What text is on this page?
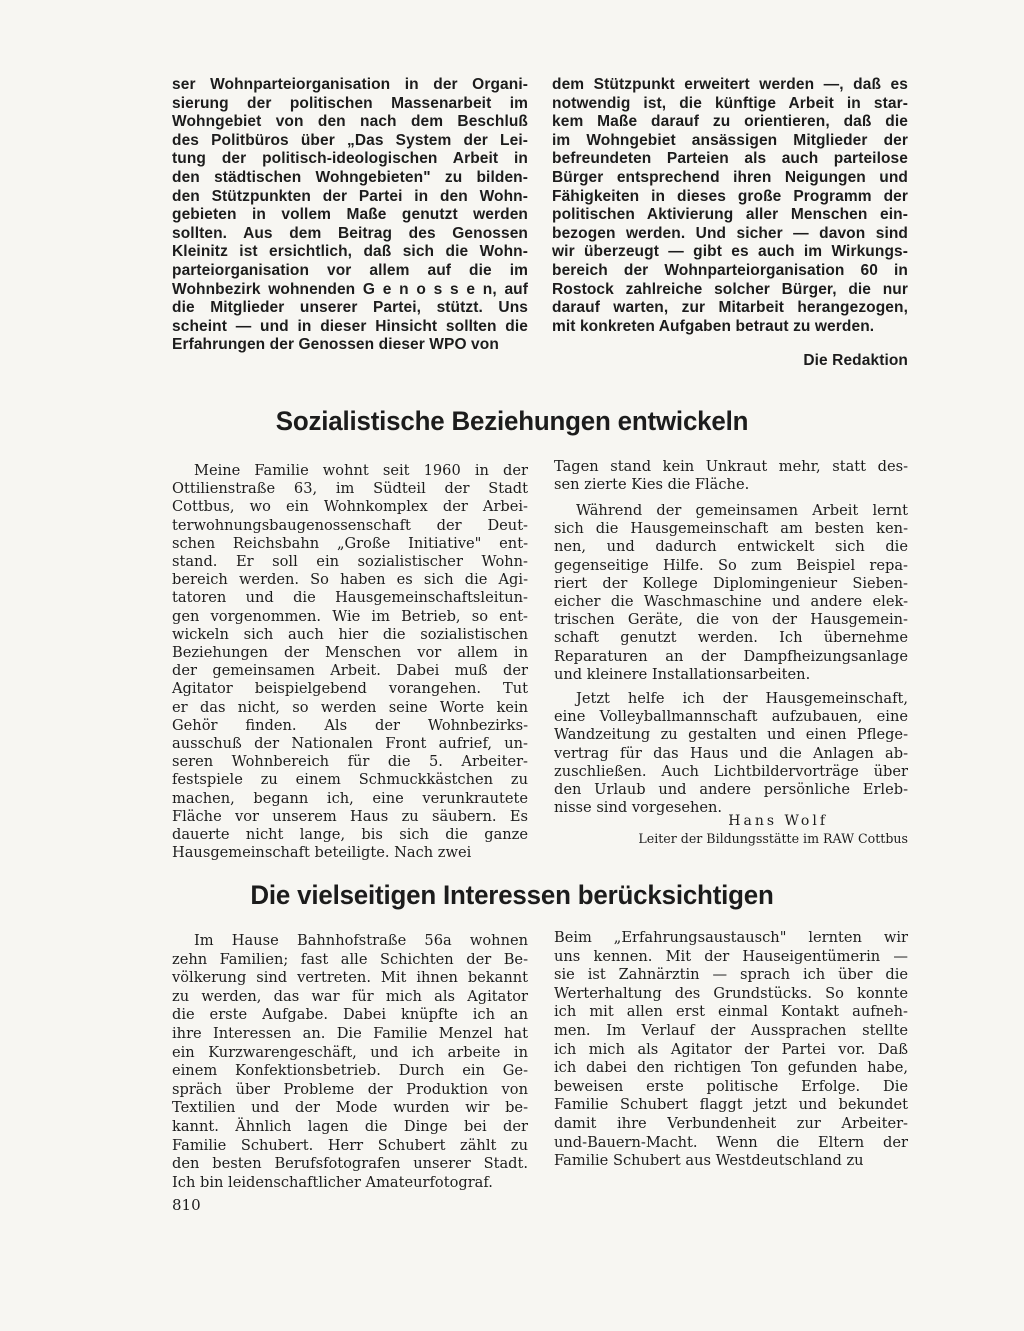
ser Wohnparteiorganisation in der Organi-
sierung der politischen Massenarbeit im
Wohngebiet von den nach dem Beschluß
des Politbüros über „Das System der Lei-
tung der politisch-ideologischen Arbeit in
den städtischen Wohngebieten" zu bilden-
den Stützpunkten der Partei in den Wohn-
gebieten in vollem Maße genutzt werden
sollten. Aus dem Beitrag des Genossen
Kleinitz ist ersichtlich, daß sich die Wohn-
parteiorganisation vor allem auf die im
Wohnbezirk wohnenden G e n o s s e n, auf
die Mitglieder unserer Partei, stützt. Uns
scheint — und in dieser Hinsicht sollten die
Erfahrungen der Genossen dieser WPO von
dem Stützpunkt erweitert werden —, daß es
notwendig ist, die künftige Arbeit in star-
kem Maße darauf zu orientieren, daß die
im Wohngebiet ansässigen Mitglieder der
befreundeten Parteien als auch parteilose
Bürger entsprechend ihren Neigungen und
Fähigkeiten in dieses große Programm der
politischen Aktivierung aller Menschen ein-
bezogen werden. Und sicher — davon sind
wir überzeugt — gibt es auch im Wirkungs-
bereich der Wohnparteiorganisation 60 in
Rostock zahlreiche solcher Bürger, die nur
darauf warten, zur Mitarbeit herangezogen,
mit konkreten Aufgaben betraut zu werden.
Die Redaktion
Sozialistische Beziehungen entwickeln
Meine Familie wohnt seit 1960 in der
Ottilienstraße 63, im Südteil der Stadt
Cottbus, wo ein Wohnkomplex der Arbei-
terwohnungsbaugenossenschaft der Deut-
schen Reichsbahn „Große Initiative" ent-
stand. Er soll ein sozialistischer Wohn-
bereich werden. So haben es sich die Agi-
tatoren und die Hausgemeinschaftsleitun-
gen vorgenommen. Wie im Betrieb, so ent-
wickeln sich auch hier die sozialistischen
Beziehungen der Menschen vor allem in
der gemeinsamen Arbeit. Dabei muß der
Agitator beispielgebend vorangehen. Tut
er das nicht, so werden seine Worte kein
Gehör finden. Als der Wohnbezirks-
ausschuß der Nationalen Front aufrief, un-
seren Wohnbereich für die 5. Arbeiter-
festspiele zu einem Schmuckkästchen zu
machen, begann ich, eine verunkrautete
Fläche vor unserem Haus zu säubern. Es
dauerte nicht lange, bis sich die ganze
Hausgemeinschaft beteiligte. Nach zwei
Tagen stand kein Unkraut mehr, statt des-
sen zierte Kies die Fläche.
Während der gemeinsamen Arbeit lernt
sich die Hausgemeinschaft am besten ken-
nen, und dadurch entwickelt sich die
gegenseitige Hilfe. So zum Beispiel repa-
riert der Kollege Diplomingenieur Sieben-
eicher die Waschmaschine und andere elek-
trischen Geräte, die von der Hausgemein-
schaft genutzt werden. Ich übernehme
Reparaturen an der Dampfheizungsanlage
und kleinere Installationsarbeiten.
Jetzt helfe ich der Hausgemeinschaft,
eine Volleyballmannschaft aufzubauen, eine
Wandzeitung zu gestalten und einen Pflege-
vertrag für das Haus und die Anlagen ab-
zuschließen. Auch Lichtbildervorträge über
den Urlaub und andere persönliche Erleb-
nisse sind vorgesehen.
Hans Wolf
Leiter der Bildungsstätte im RAW Cottbus
Die vielseitigen Interessen berücksichtigen
Im Hause Bahnhofstraße 56a wohnen
zehn Familien; fast alle Schichten der Be-
völkerung sind vertreten. Mit ihnen bekannt
zu werden, das war für mich als Agitator
die erste Aufgabe. Dabei knüpfte ich an
ihre Interessen an. Die Familie Menzel hat
ein Kurzwarengeschäft, und ich arbeite in
einem Konfektionsbetrieb. Durch ein Ge-
spräch über Probleme der Produktion von
Textilien und der Mode wurden wir be-
kannt. Ähnlich lagen die Dinge bei der
Familie Schubert. Herr Schubert zählt zu
den besten Berufsfotografen unserer Stadt.
Ich bin leidenschaftlicher Amateurfotograf.
Beim „Erfahrungsaustausch" lernten wir
uns kennen. Mit der Hauseigentümerin —
sie ist Zahnärztin — sprach ich über die
Werterhaltung des Grundstücks. So konnte
ich mit allen erst einmal Kontakt aufneh-
men. Im Verlauf der Aussprachen stellte
ich mich als Agitator der Partei vor. Daß
ich dabei den richtigen Ton gefunden habe,
beweisen erste politische Erfolge. Die
Familie Schubert flaggt jetzt und bekundet
damit ihre Verbundenheit zur Arbeiter-
und-Bauern-Macht. Wenn die Eltern der
Familie Schubert aus Westdeutschland zu
810
